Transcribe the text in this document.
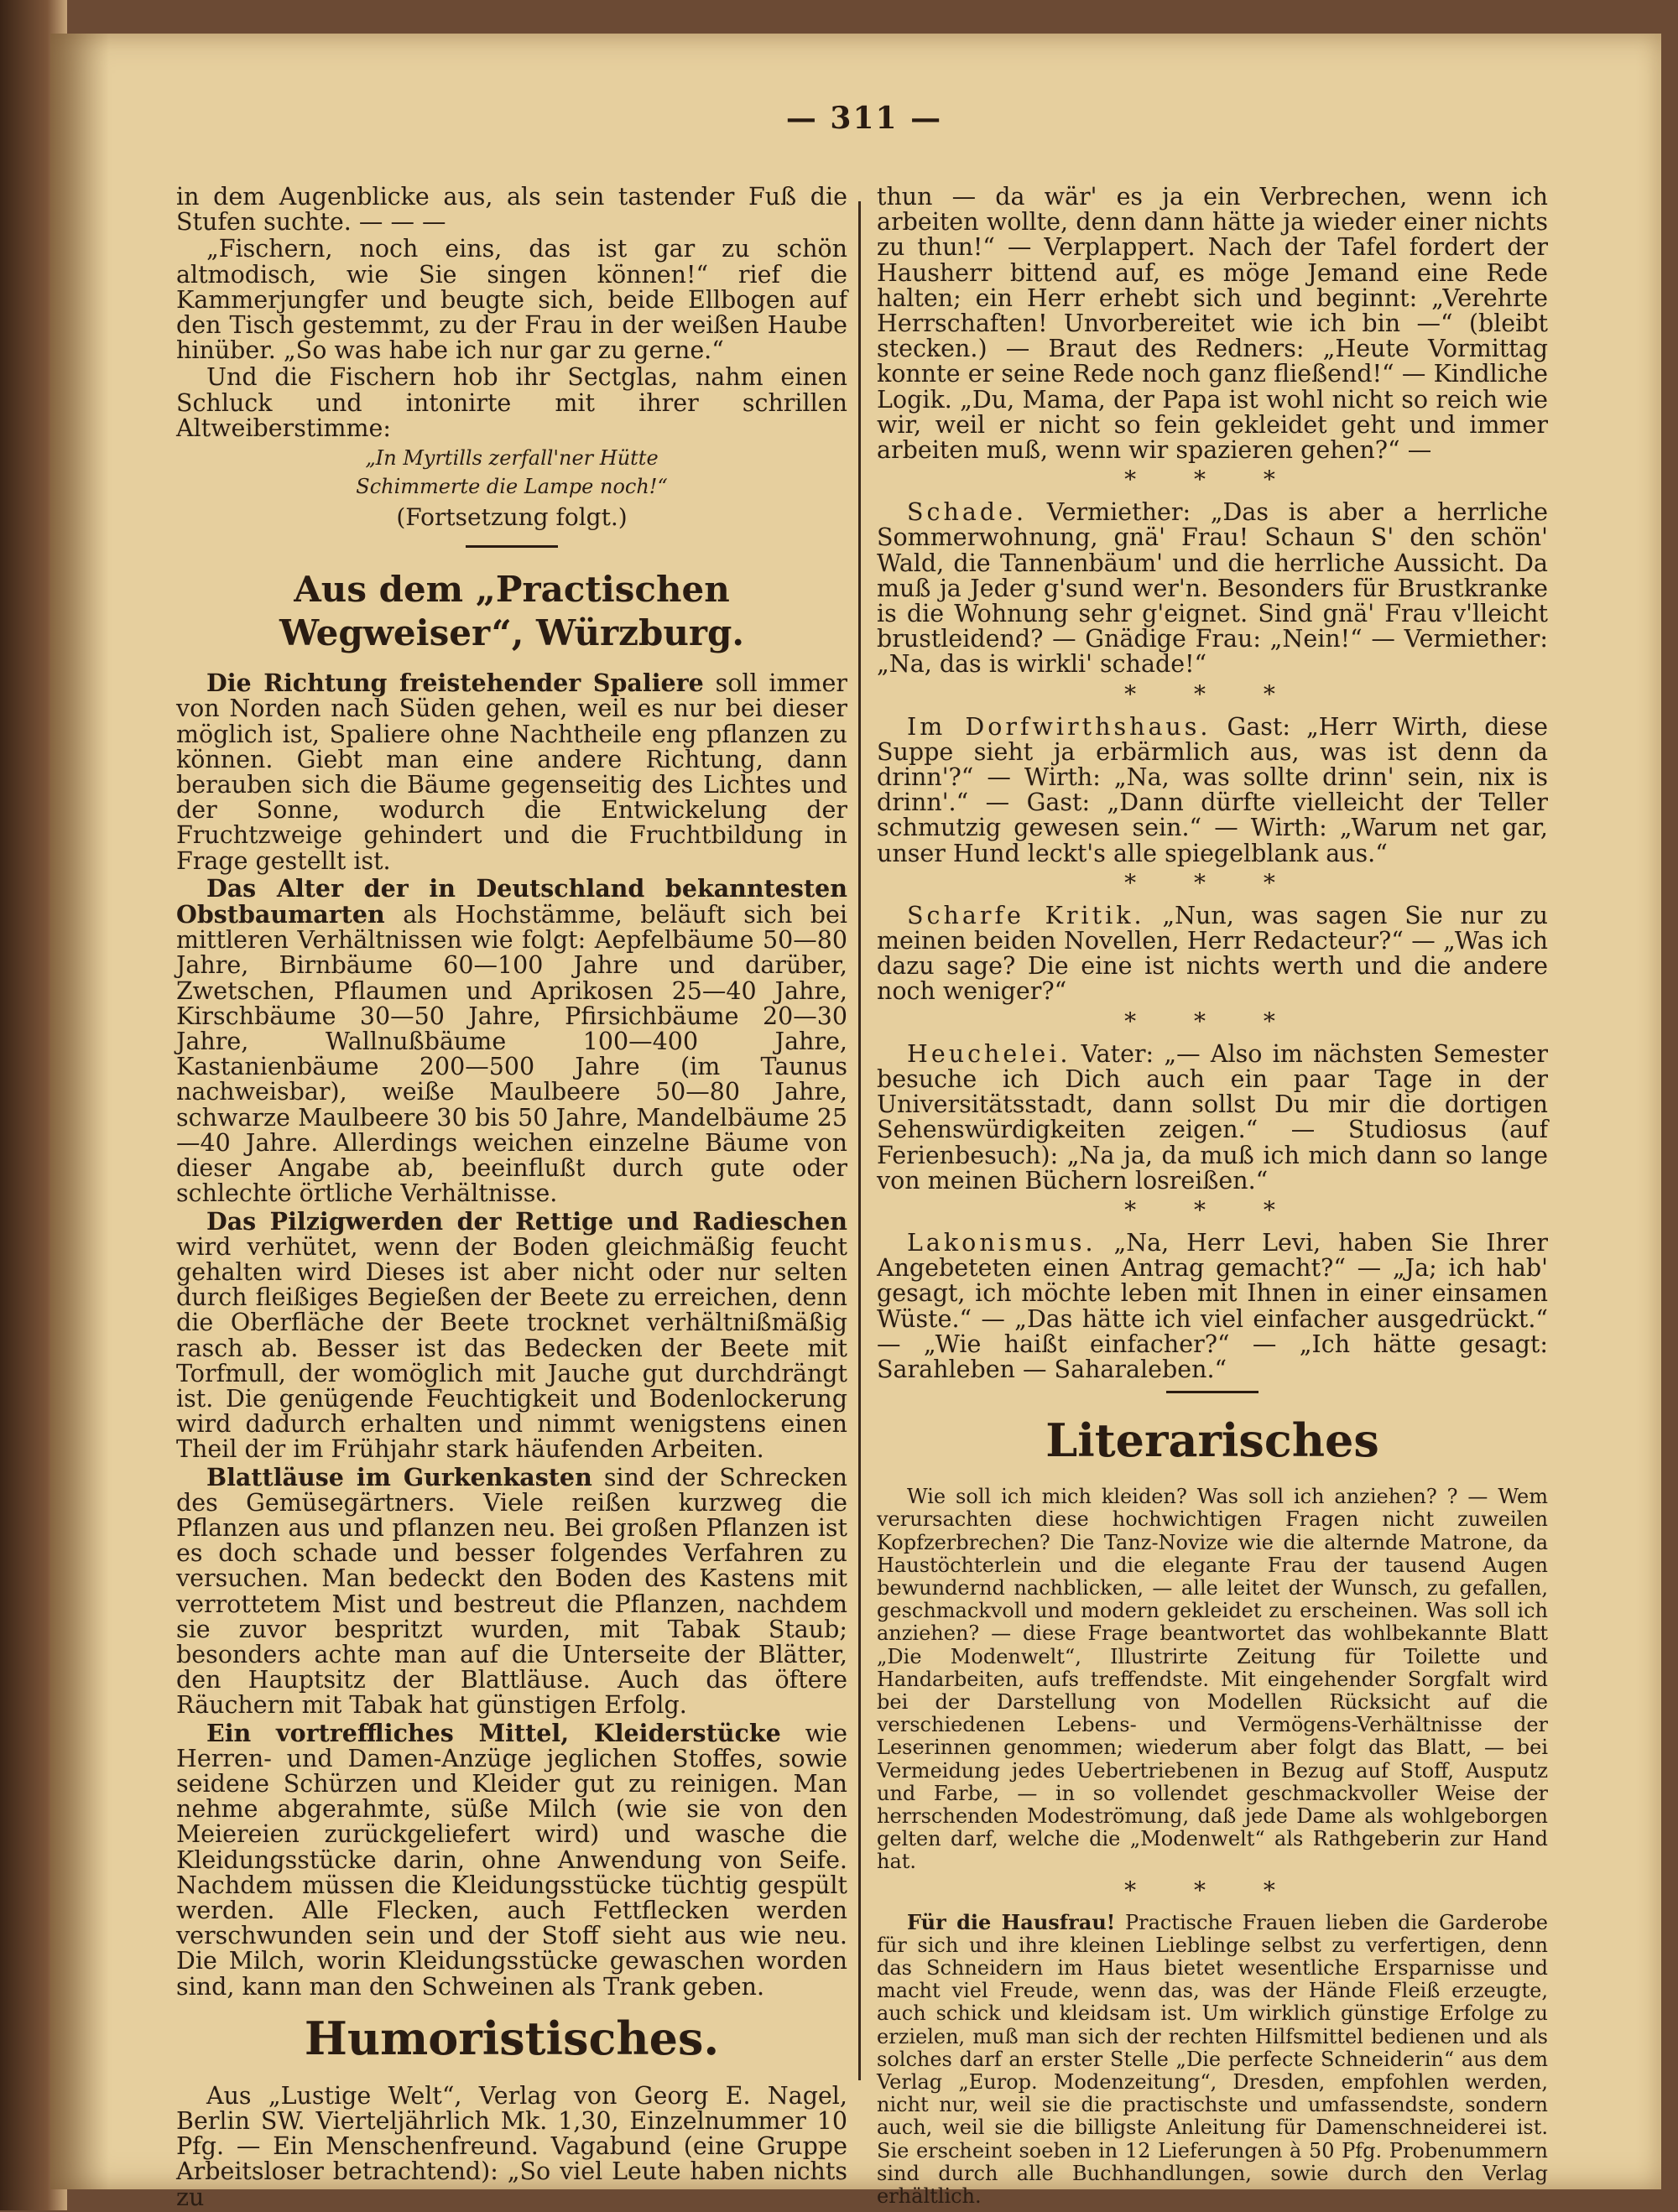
— 311 —

in dem Augenblicke aus, als sein tastender Fuß die Stufen suchte. — — —

„Fischern, noch eins, das ist gar zu schön altmodisch, wie Sie singen können!“ rief die Kammerjungfer und beugte sich, beide Ellbogen auf den Tisch gestemmt, zu der Frau in der weißen Haube hinüber. „So was habe ich nur gar zu gerne.“

Und die Fischern hob ihr Sectglas, nahm einen Schluck und intonirte mit ihrer schrillen Altweiberstimme:

„In Myrtills zerfall'ner Hütte
Schimmerte die Lampe noch!“
(Fortsetzung folgt.)
Aus dem „Practischen Wegweiser“, Würzburg.

Die Richtung freistehender Spaliere soll immer von Norden nach Süden gehen, weil es nur bei dieser möglich ist, Spaliere ohne Nachtheile eng pflanzen zu können. Giebt man eine andere Richtung, dann berauben sich die Bäume gegenseitig des Lichtes und der Sonne, wodurch die Entwickelung der Fruchtzweige gehindert und die Fruchtbildung in Frage gestellt ist.

Das Alter der in Deutschland bekanntesten Obstbaumarten als Hochstämme, beläuft sich bei mittleren Verhältnissen wie folgt: Aepfelbäume 50—80 Jahre, Birnbäume 60—100 Jahre und darüber, Zwetschen, Pflaumen und Aprikosen 25—40 Jahre, Kirschbäume 30—50 Jahre, Pfirsichbäume 20—30 Jahre, Wallnußbäume 100—400 Jahre, Kastanienbäume 200—500 Jahre (im Taunus nachweisbar), weiße Maulbeere 50—80 Jahre, schwarze Maulbeere 30 bis 50 Jahre, Mandelbäume 25—40 Jahre. Allerdings weichen einzelne Bäume von dieser Angabe ab, beeinflußt durch gute oder schlechte örtliche Verhältnisse.

Das Pilzigwerden der Rettige und Radieschen wird verhütet, wenn der Boden gleichmäßig feucht gehalten wird Dieses ist aber nicht oder nur selten durch fleißiges Begießen der Beete zu erreichen, denn die Oberfläche der Beete trocknet verhältnißmäßig rasch ab. Besser ist das Bedecken der Beete mit Torfmull, der womöglich mit Jauche gut durchdrängt ist. Die genügende Feuchtigkeit und Bodenlockerung wird dadurch erhalten und nimmt wenigstens einen Theil der im Frühjahr stark häufenden Arbeiten.

Blattläuse im Gurkenkasten sind der Schrecken des Gemüsegärtners. Viele reißen kurzweg die Pflanzen aus und pflanzen neu. Bei großen Pflanzen ist es doch schade und besser folgendes Verfahren zu versuchen. Man bedeckt den Boden des Kastens mit verrottetem Mist und bestreut die Pflanzen, nachdem sie zuvor bespritzt wurden, mit Tabak Staub; besonders achte man auf die Unterseite der Blätter, den Hauptsitz der Blattläuse. Auch das öftere Räuchern mit Tabak hat günstigen Erfolg.

Ein vortreffliches Mittel, Kleiderstücke wie Herren- und Damen-Anzüge jeglichen Stoffes, sowie seidene Schürzen und Kleider gut zu reinigen. Man nehme abgerahmte, süße Milch (wie sie von den Meiereien zurückgeliefert wird) und wasche die Kleidungsstücke darin, ohne Anwendung von Seife. Nachdem müssen die Kleidungsstücke tüchtig gespült werden. Alle Flecken, auch Fettflecken werden verschwunden sein und der Stoff sieht aus wie neu. Die Milch, worin Kleidungsstücke gewaschen worden sind, kann man den Schweinen als Trank geben.

Humoristisches.

Aus „Lustige Welt“, Verlag von Georg E. Nagel, Berlin SW. Vierteljährlich Mk. 1,30, Einzelnummer 10 Pfg. — Ein Menschenfreund. Vagabund (eine Gruppe Arbeitsloser betrachtend): „So viel Leute haben nichts zu

thun — da wär' es ja ein Verbrechen, wenn ich arbeiten wollte, denn dann hätte ja wieder einer nichts zu thun!“ — Verplappert. Nach der Tafel fordert der Hausherr bittend auf, es möge Jemand eine Rede halten; ein Herr erhebt sich und beginnt: „Verehrte Herrschaften! Unvorbereitet wie ich bin —“ (bleibt stecken.) — Braut des Redners: „Heute Vormittag konnte er seine Rede noch ganz fließend!“ — Kindliche Logik. „Du, Mama, der Papa ist wohl nicht so reich wie wir, weil er nicht so fein gekleidet geht und immer arbeiten muß, wenn wir spazieren gehen?“ —

* * *

Schade. Vermiether: „Das is aber a herrliche Sommerwohnung, gnä' Frau! Schaun S' den schön' Wald, die Tannenbäum' und die herrliche Aussicht. Da muß ja Jeder g'sund wer'n. Besonders für Brustkranke is die Wohnung sehr g'eignet. Sind gnä' Frau v'lleicht brustleidend? — Gnädige Frau: „Nein!“ — Vermiether: „Na, das is wirkli' schade!“

* * *

Im Dorfwirthshaus. Gast: „Herr Wirth, diese Suppe sieht ja erbärmlich aus, was ist denn da drinn'?“ — Wirth: „Na, was sollte drinn' sein, nix is drinn'.“ — Gast: „Dann dürfte vielleicht der Teller schmutzig gewesen sein.“ — Wirth: „Warum net gar, unser Hund leckt's alle spiegelblank aus.“

* * *

Scharfe Kritik. „Nun, was sagen Sie nur zu meinen beiden Novellen, Herr Redacteur?“ — „Was ich dazu sage? Die eine ist nichts werth und die andere noch weniger?“

* * *

Heuchelei. Vater: „— Also im nächsten Semester besuche ich Dich auch ein paar Tage in der Universitätsstadt, dann sollst Du mir die dortigen Sehenswürdigkeiten zeigen.“ — Studiosus (auf Ferienbesuch): „Na ja, da muß ich mich dann so lange von meinen Büchern losreißen.“

* * *

Lakonismus. „Na, Herr Levi, haben Sie Ihrer Angebeteten einen Antrag gemacht?“ — „Ja; ich hab' gesagt, ich möchte leben mit Ihnen in einer einsamen Wüste.“ — „Das hätte ich viel einfacher ausgedrückt.“ — „Wie haißt einfacher?“ — „Ich hätte gesagt: Sarahleben — Saharaleben.“

Literarisches

Wie soll ich mich kleiden? Was soll ich anziehen? ? — Wem verursachten diese hochwichtigen Fragen nicht zuweilen Kopfzerbrechen? Die Tanz-Novize wie die alternde Matrone, da Haustöchterlein und die elegante Frau der tausend Augen bewundernd nachblicken, — alle leitet der Wunsch, zu gefallen, geschmackvoll und modern gekleidet zu erscheinen. Was soll ich anziehen? — diese Frage beantwortet das wohlbekannte Blatt „Die Modenwelt“, Illustrirte Zeitung für Toilette und Handarbeiten, aufs treffendste. Mit eingehender Sorgfalt wird bei der Darstellung von Modellen Rücksicht auf die verschiedenen Lebens- und Vermögens-Verhältnisse der Leserinnen genommen; wiederum aber folgt das Blatt, — bei Vermeidung jedes Uebertriebenen in Bezug auf Stoff, Ausputz und Farbe, — in so vollendet geschmackvoller Weise der herrschenden Modeströmung, daß jede Dame als wohlgeborgen gelten darf, welche die „Modenwelt“ als Rathgeberin zur Hand hat.

* * *

Für die Hausfrau! Practische Frauen lieben die Garderobe für sich und ihre kleinen Lieblinge selbst zu verfertigen, denn das Schneidern im Haus bietet wesentliche Ersparnisse und macht viel Freude, wenn das, was der Hände Fleiß erzeugte, auch schick und kleidsam ist. Um wirklich günstige Erfolge zu erzielen, muß man sich der rechten Hilfsmittel bedienen und als solches darf an erster Stelle „Die perfecte Schneiderin“ aus dem Verlag „Europ. Modenzeitung“, Dresden, empfohlen werden, nicht nur, weil sie die practischste und umfassendste, sondern auch, weil sie die billigste Anleitung für Damenschneiderei ist. Sie erscheint soeben in 12 Lieferungen à 50 Pfg. Probenummern sind durch alle Buchhandlungen, sowie durch den Verlag erhältlich.
